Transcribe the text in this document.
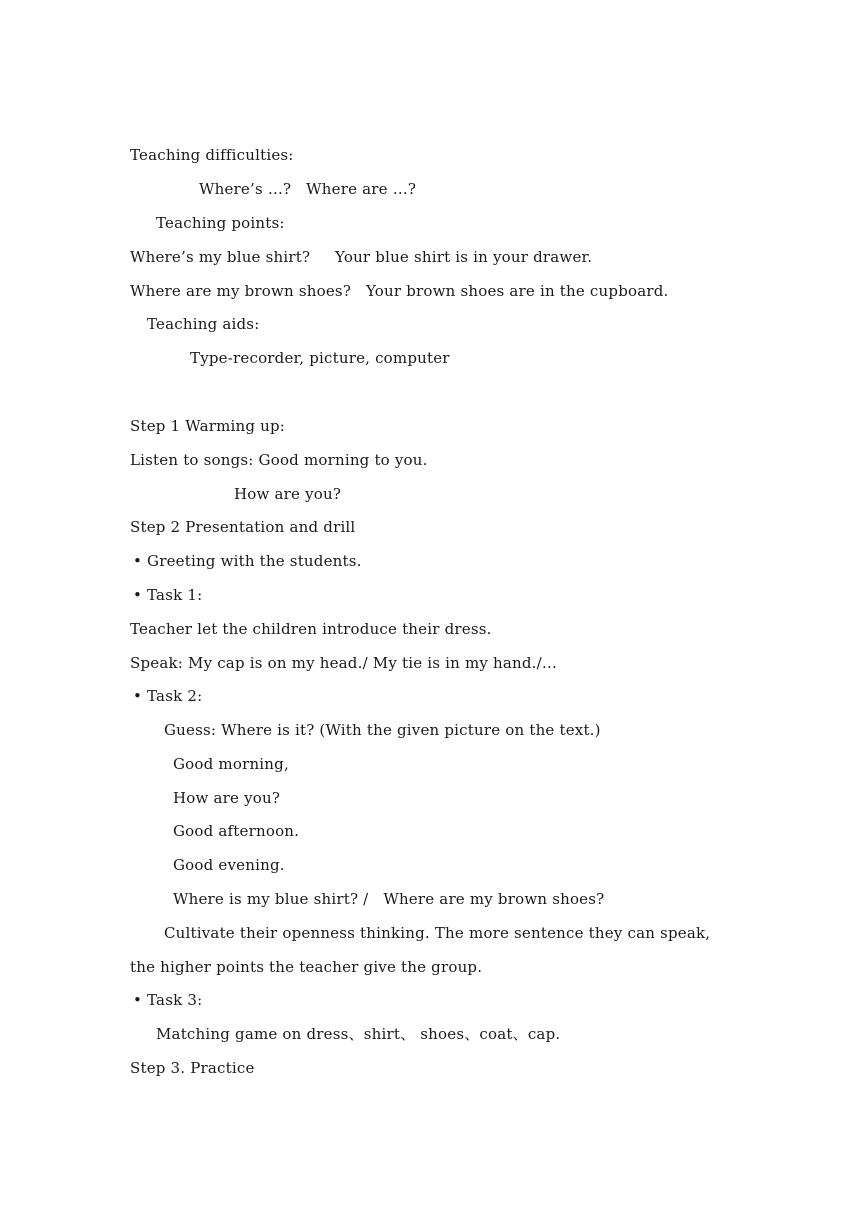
Teaching difficulties:
Where’s …?   Where are …?
Teaching points:
Where’s my blue shirt?     Your blue shirt is in your drawer.
Where are my brown shoes?   Your brown shoes are in the cupboard.
Teaching aids:
Type-recorder, picture, computer
Step 1 Warming up:
Listen to songs: Good morning to you.
How are you?
Step 2 Presentation and drill
• Greeting with the students.
• Task 1:
Teacher let the children introduce their dress.
Speak: My cap is on my head./ My tie is in my hand./…
• Task 2:
Guess: Where is it? (With the given picture on the text.)
Good morning,
How are you?
Good afternoon.
Good evening.
Where is my blue shirt? /   Where are my brown shoes?
Cultivate their openness thinking. The more sentence they can speak,
the higher points the teacher give the group.
• Task 3:
Matching game on dress、shirt、 shoes、coat、cap.
Step 3. Practice
